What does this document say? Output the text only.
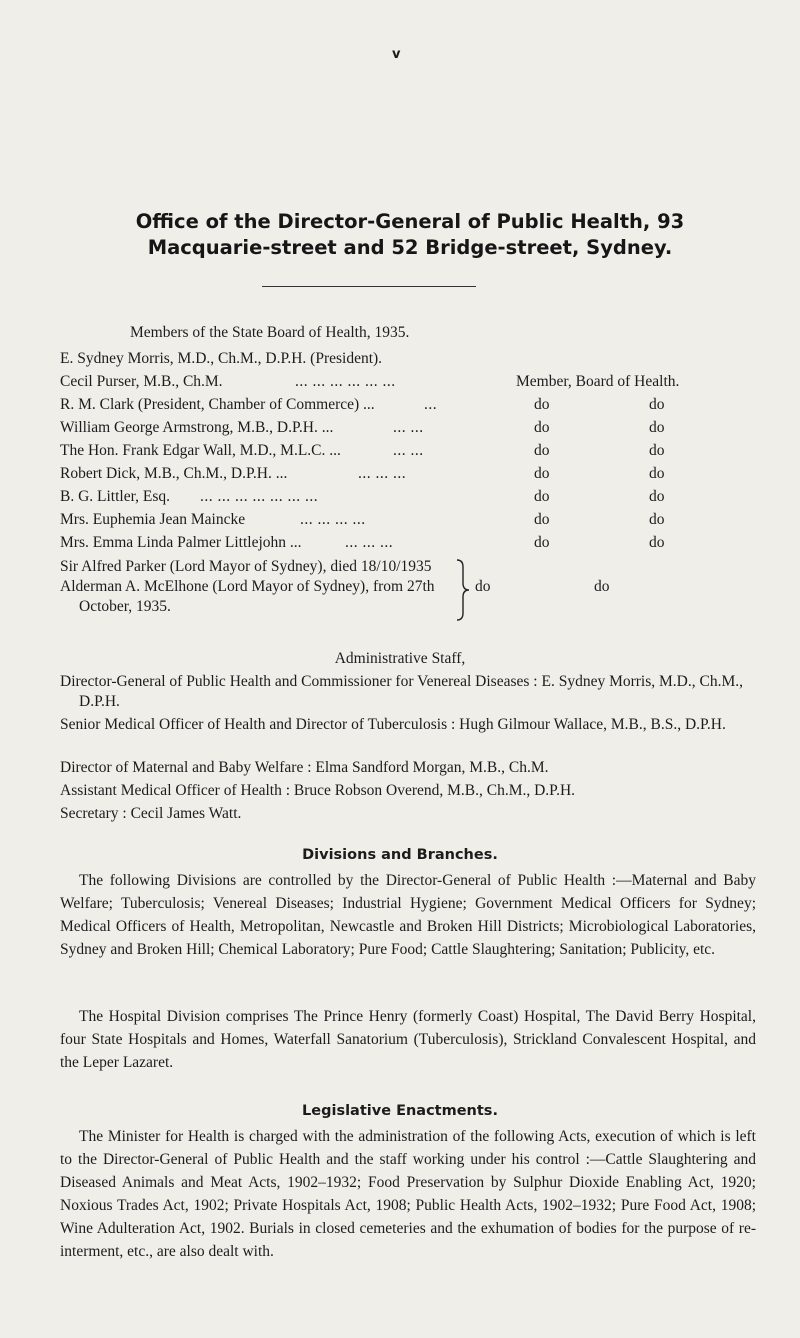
v
Office of the Director-General of Public Health, 93 Macquarie-street and 52 Bridge-street, Sydney.
Members of the State Board of Health, 1935.
E. Sydney Morris, M.D., Ch.M., D.P.H. (President).
Cecil Purser, M.B., Ch.M.	... ... ... ... ... ...	Member, Board of Health.
R. M. Clark (President, Chamber of Commerce) ...	...	do	do
William George Armstrong, M.B., D.P.H. ...	... ...	do	do
The Hon. Frank Edgar Wall, M.D., M.L.C. ...	... ...	do	do
Robert Dick, M.B., Ch.M., D.P.H. ...	... ... ...	do	do
B. G. Littler, Esq. ... ... ... ... ... ... ...	do	do
Mrs. Euphemia Jean Maincke	... ... ... ...	do	do
Mrs. Emma Linda Palmer Littlejohn ...	... ... ...	do	do
Sir Alfred Parker (Lord Mayor of Sydney), died 18/10/1935
Alderman A. McElhone (Lord Mayor of Sydney), from 27th
October, 1935.
do	do
Administrative Staff,
Director-General of Public Health and Commissioner for Venereal Diseases : E. Sydney Morris, M.D., Ch.M., D.P.H.
Senior Medical Officer of Health and Director of Tuberculosis : Hugh Gilmour Wallace, M.B., B.S., D.P.H.
Director of Maternal and Baby Welfare : Elma Sandford Morgan, M.B., Ch.M.
Assistant Medical Officer of Health : Bruce Robson Overend, M.B., Ch.M., D.P.H.
Secretary : Cecil James Watt.
Divisions and Branches.
The following Divisions are controlled by the Director-General of Public Health :—Maternal and Baby Welfare; Tuberculosis; Venereal Diseases; Industrial Hygiene; Government Medical Officers for Sydney; Medical Officers of Health, Metropolitan, Newcastle and Broken Hill Districts; Microbiological Laboratories, Sydney and Broken Hill; Chemical Laboratory; Pure Food; Cattle Slaughtering; Sanitation; Publicity, etc.
The Hospital Division comprises The Prince Henry (formerly Coast) Hospital, The David Berry Hospital, four State Hospitals and Homes, Waterfall Sanatorium (Tuberculosis), Strickland Convalescent Hospital, and the Leper Lazaret.
Legislative Enactments.
The Minister for Health is charged with the administration of the following Acts, execution of which is left to the Director-General of Public Health and the staff working under his control :—Cattle Slaughtering and Diseased Animals and Meat Acts, 1902–1932; Food Preservation by Sulphur Dioxide Enabling Act, 1920; Noxious Trades Act, 1902; Private Hospitals Act, 1908; Public Health Acts, 1902–1932; Pure Food Act, 1908; Wine Adulteration Act, 1902. Burials in closed cemeteries and the exhumation of bodies for the purpose of re-interment, etc., are also dealt with.
